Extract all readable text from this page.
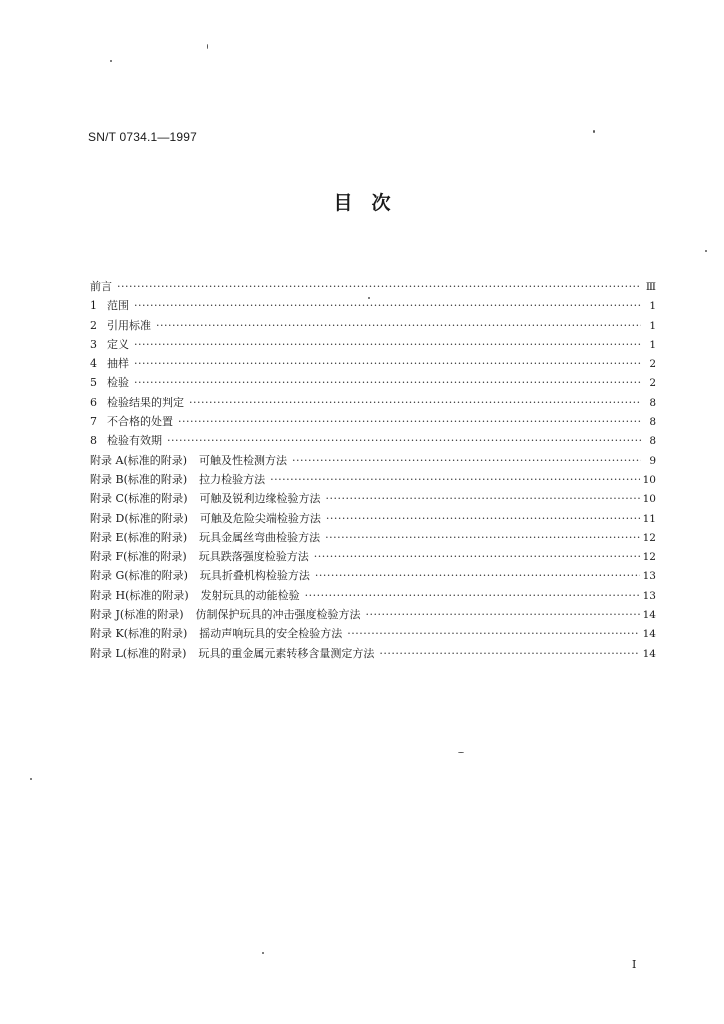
SN/T 0734.1—1997
目　次
前言 ·····	Ⅲ
1 范围 ·····	1
2 引用标准 ·····	1
3 定义 ·····	1
4 抽样 ·····	2
5 检验 ·····	2
6 检验结果的判定 ·····	8
7 不合格的处置 ·····	8
8 检验有效期 ·····	8
附录 A(标准的附录) 可触及性检测方法 ·····	9
附录 B(标准的附录) 拉力检验方法 ·····	10
附录 C(标准的附录) 可触及锐利边缘检验方法 ·····	10
附录 D(标准的附录) 可触及危险尖端检验方法 ·····	11
附录 E(标准的附录) 玩具金属丝弯曲检验方法 ·····	12
附录 F(标准的附录) 玩具跌落强度检验方法 ·····	12
附录 G(标准的附录) 玩具折叠机构检验方法 ·····	13
附录 H(标准的附录) 发射玩具的动能检验 ·····	13
附录 J(标准的附录) 仿制保护玩具的冲击强度检验方法 ·····	14
附录 K(标准的附录) 摇动声响玩具的安全检验方法 ·····	14
附录 L(标准的附录) 玩具的重金属元素转移含量测定方法 ·····	14
I
